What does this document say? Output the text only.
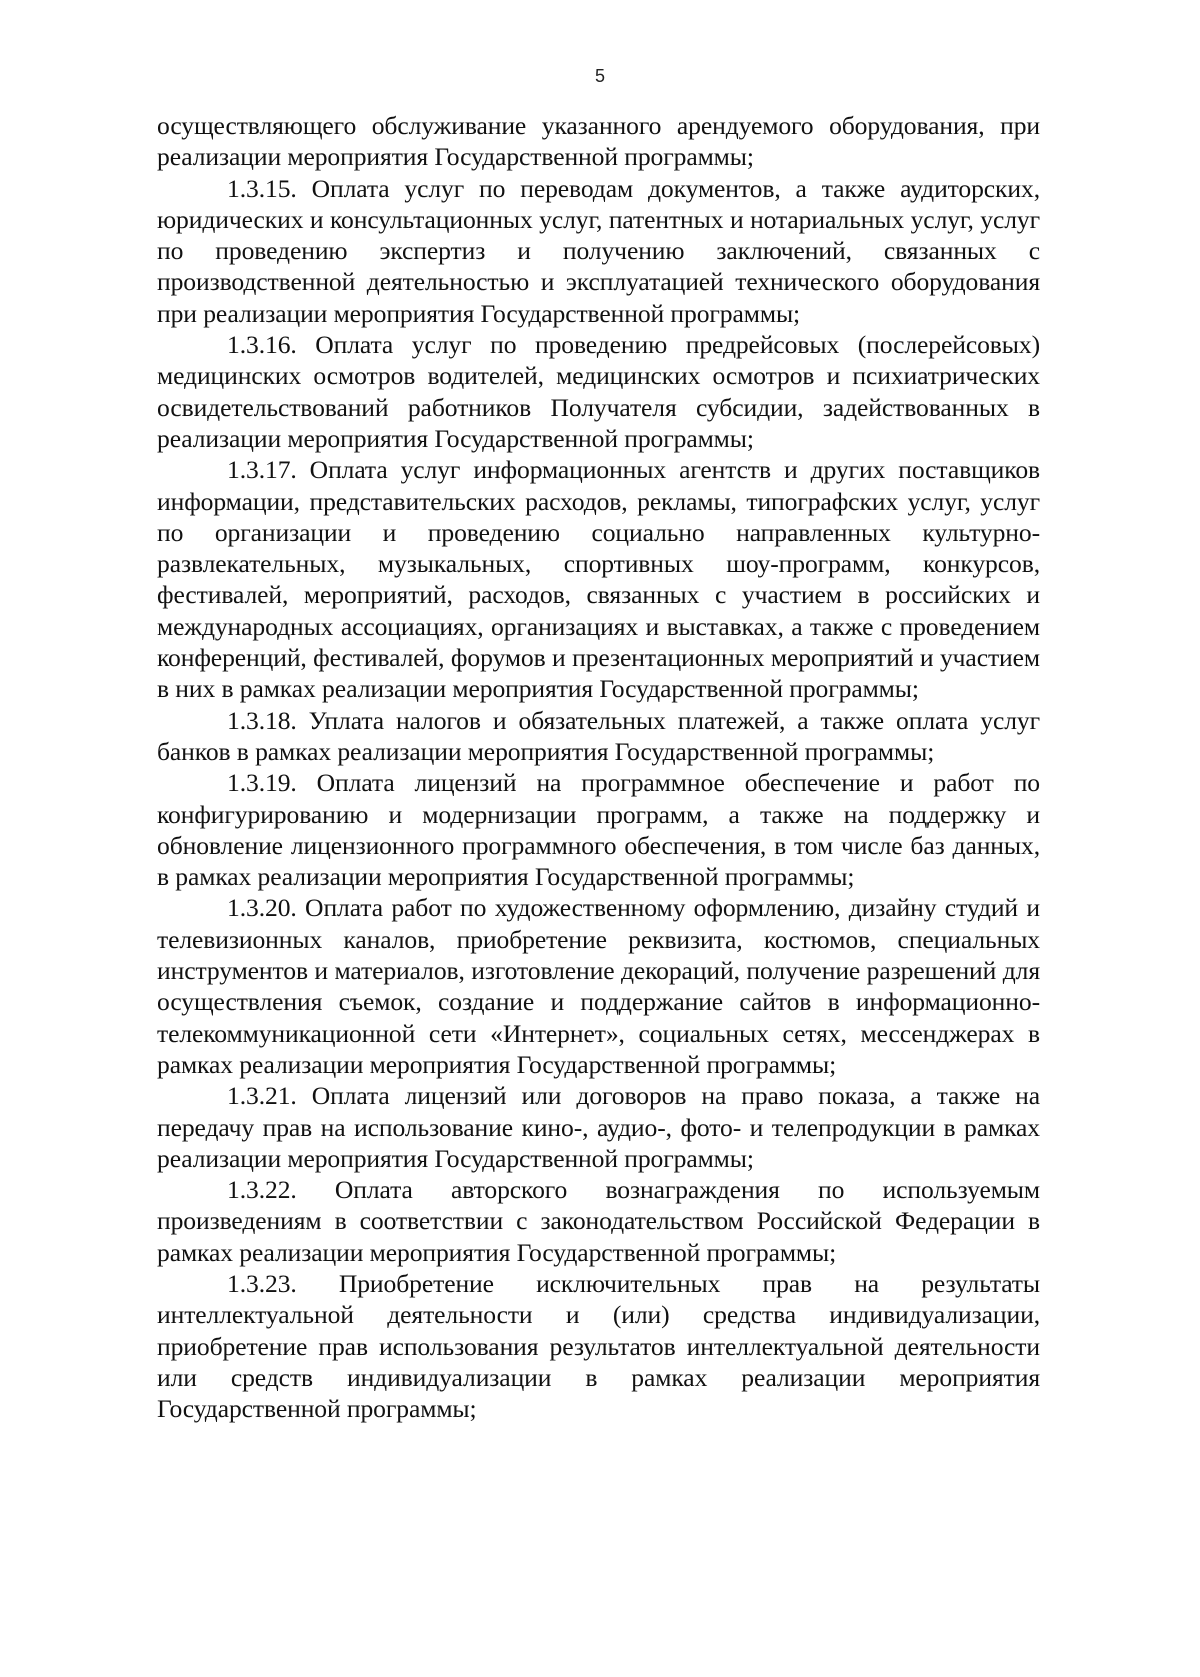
5

осуществляющего обслуживание указанного арендуемого оборудования, при реализации мероприятия Государственной программы;

1.3.15. Оплата услуг по переводам документов, а также аудиторских, юридических и консультационных услуг, патентных и нотариальных услуг, услуг по проведению экспертиз и получению заключений, связанных с производственной деятельностью и эксплуатацией технического оборудования при реализации мероприятия Государственной программы;

1.3.16. Оплата услуг по проведению предрейсовых (послерейсовых) медицинских осмотров водителей, медицинских осмотров и психиатрических освидетельствований работников Получателя субсидии, задействованных в реализации мероприятия Государственной программы;

1.3.17. Оплата услуг информационных агентств и других поставщиков информации, представительских расходов, рекламы, типографских услуг, услуг по организации и проведению социально направленных культурно-развлекательных, музыкальных, спортивных шоу-программ, конкурсов, фестивалей, мероприятий, расходов, связанных с участием в российских и международных ассоциациях, организациях и выставках, а также с проведением конференций, фестивалей, форумов и презентационных мероприятий и участием в них в рамках реализации мероприятия Государственной программы;

1.3.18. Уплата налогов и обязательных платежей, а также оплата услуг банков в рамках реализации мероприятия Государственной программы;

1.3.19. Оплата лицензий на программное обеспечение и работ по конфигурированию и модернизации программ, а также на поддержку и обновление лицензионного программного обеспечения, в том числе баз данных, в рамках реализации мероприятия Государственной программы;

1.3.20. Оплата работ по художественному оформлению, дизайну студий и телевизионных каналов, приобретение реквизита, костюмов, специальных инструментов и материалов, изготовление декораций, получение разрешений для осуществления съемок, создание и поддержание сайтов в информационно-телекоммуникационной сети «Интернет», социальных сетях, мессенджерах в рамках реализации мероприятия Государственной программы;

1.3.21. Оплата лицензий или договоров на право показа, а также на передачу прав на использование кино-, аудио-, фото- и телепродукции в рамках реализации мероприятия Государственной программы;

1.3.22. Оплата авторского вознаграждения по используемым произведениям в соответствии с законодательством Российской Федерации в рамках реализации мероприятия Государственной программы;

1.3.23. Приобретение исключительных прав на результаты интеллектуальной деятельности и (или) средства индивидуализации, приобретение прав использования результатов интеллектуальной деятельности или средств индивидуализации в рамках реализации мероприятия Государственной программы;
